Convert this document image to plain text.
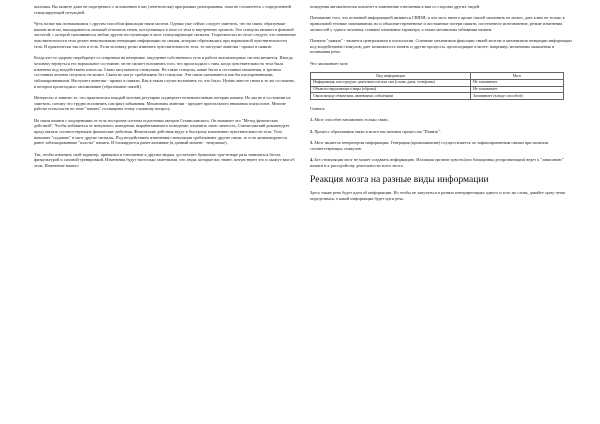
пылинка. Вы можете даже не подозревать о заложенных в вас (генетически) программах реагирования, пока не столкнетесь с определенной стимулирующей ситуацией.

Чуть позже мы познакомимся с другим способом фиксации связи мозгом. Однако уже сейчас следует заметить, что на связи, образуемые нашим мозгом, накладывается сильный отпечаток генов, поступающих в мозг от тела и внутренних органов. Эти стимулы являются фоновой частотой, с которой смешиваются любые другие поступающие в мозг стимулирующие сигналы. Теоретически из этого следует, что изменение чувствительности тела делает невозможным генерацию информации по связям, которые образовались при нормальной чувствительности тела. И практически так оно и есть. Если человеку резко изменить чувствительность тела, то наступит амнезия - провал в памяти.

Когда кто-то здорово переборщет со спиртным на вечеринке, ощущение собственного тела и работа анализаторных систем меняется. Иногда человеку вернуться его нормальное состояние, он не сможет вспомнить того, что происходило с ним, когда чувствительность тела была изменена под воздействием алкоголя. Связи запускаются стимулами. Но такие стимулы, какие были в состоянии опьянения, в трезвом состоянии человек получить не может. Связи не могут срабатывать без стимулов. Эти связи оказываются как бы изолированными, заблокированными. Наступает амнезия - провал в памяти. Как в таком случае вспомнить то, что было. Нужно вместе снова в то же состояние, в котором происходило запоминание (образование связей).

Интересно и занятно то, что практически каждый человек регулярно подвергает незначительным потерям памяти. Но мы не в состоянии их заметить, потому что трудно вспомнить сам факт забывания. Механизмы амнезии - предмет пристального внимания психологов. Многие работы психологов по теме "память" посвящены этому сложному вопросу.

На связи памяти с ощущениями от тела построена система подготовки актеров Станиславского. Он называет это "Метод физических действий". Чтобы избавиться от ненужного поведения, вырабатываемого поведение, изменить свою личность, Станиславский рекомендует представлять соответствующие физические действия. Физические действия ведут к быстрому изменению чувствительности тела. Тело начинает "подавать" в мозг другие сигналы. Под воздействием изменения стимуляции срабатывают другие связи, то есть активизируются ранее заблокированные "пласты" памяти. И блокируются ранее активные (в данный момент - ненужные).

Так, чтобы изменить свой характер, привычки и отношение к другим людям, достаточно буквально три-четыре раза заниматься бегом, физкультурой и силовой тренировкой. Изменения будут настолько заметными, что люди, которые вас знают, почувствуют это и скажут вам об этом. Изменение вашего

поведения автоматически повлечет к изменению отношения к вам со стороны других людей.

Понимание того, что истинной информацией являются СВЯЗИ, и что мозг ничего кроме связей запомнить не может, дает ключ не только к правильной технике запоминания, но и объясняет временные и постоянные потери памяти, постепенное исчезновение, резкие изменения личностей у одного человека, плавное изменение характера, а также механизмы забывания памяти.

Понятие "память" - является центральным в психологии. Сознание механизмов фиксации связей мозгом и механизмов генерации информации под воздействием стимулов, дает возможность понять и другие процессы, происходящие в мозге, например, механизмы мышления и понимания речи.

Что запоминает мозг

Вид информации	Мозг
Информация, или продукт деятельности или сам (слова, даты, телефоны)	Не запоминает
Объекты окружающего мира (образы)	Не запоминает
Связи между объектами, явлениями, событиями	Запоминает (в виде способов)

Главное

1. Мозг способен запоминать только связи.

2. Процесс образования связи в мозге мы назовем процессом "Память".

3. Мозг является генератором информации. Генерация (припоминание) осуществляется по зафиксированным связям при наличии соответствующих стимулов.

4. Без стимуляции мозг не может создавать информацию. Изоляция органов чувств (или блокировка дезорганизации) ведет к "зависанию" памяти и к расстройству деятельности всего мозга.

Реакция мозга на разные виды информации

Здесь также речь будет идти об информации. Но чтобы не запутаться в разных интерпретациях одного и того же слова, давайте сразу четко определимся, о какой информации будет идти речь.
